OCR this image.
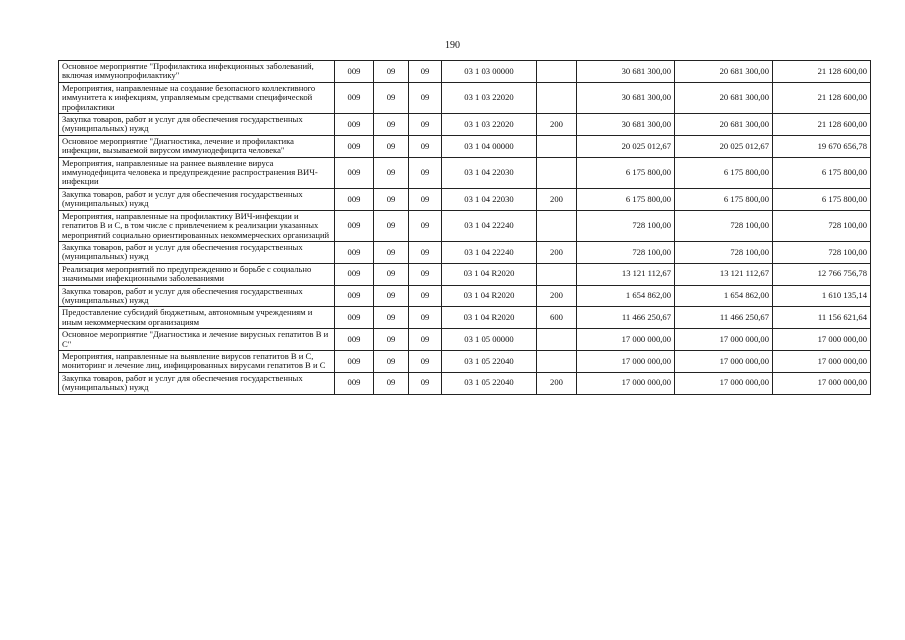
190
Основное мероприятие "Профилактика инфекционных заболеваний, включая иммунопрофилактику"	009	09	09	03 1 03 00000		30 681 300,00	20 681 300,00	21 128 600,00
Мероприятия, направленные на создание безопасного коллективного иммунитета к инфекциям, управляемым средствами специфической профилактики	009	09	09	03 1 03 22020		30 681 300,00	20 681 300,00	21 128 600,00
Закупка товаров, работ и услуг для обеспечения государственных (муниципальных) нужд	009	09	09	03 1 03 22020	200	30 681 300,00	20 681 300,00	21 128 600,00
Основное мероприятие "Диагностика, лечение и профилактика инфекции, вызываемой вирусом иммунодефицита человека"	009	09	09	03 1 04 00000		20 025 012,67	20 025 012,67	19 670 656,78
Мероприятия, направленные на раннее выявление вируса иммунодефицита человека и предупреждение распространения ВИЧ-инфекции	009	09	09	03 1 04 22030		6 175 800,00	6 175 800,00	6 175 800,00
Закупка товаров, работ и услуг для обеспечения государственных (муниципальных) нужд	009	09	09	03 1 04 22030	200	6 175 800,00	6 175 800,00	6 175 800,00
Мероприятия, направленные на профилактику ВИЧ-инфекции и гепатитов В и С, в том числе с привлечением к реализации указанных мероприятий социально ориентированных некоммерческих организаций	009	09	09	03 1 04 22240		728 100,00	728 100,00	728 100,00
Закупка товаров, работ и услуг для обеспечения государственных (муниципальных) нужд	009	09	09	03 1 04 22240	200	728 100,00	728 100,00	728 100,00
Реализация мероприятий по предупреждению и борьбе с социально значимыми инфекционными заболеваниями	009	09	09	03 1 04 R2020		13 121 112,67	13 121 112,67	12 766 756,78
Закупка товаров, работ и услуг для обеспечения государственных (муниципальных) нужд	009	09	09	03 1 04 R2020	200	1 654 862,00	1 654 862,00	1 610 135,14
Предоставление субсидий бюджетным, автономным учреждениям и иным некоммерческим организациям	009	09	09	03 1 04 R2020	600	11 466 250,67	11 466 250,67	11 156 621,64
Основное мероприятие "Диагностика и лечение вирусных гепатитов В и С"	009	09	09	03 1 05 00000		17 000 000,00	17 000 000,00	17 000 000,00
Мероприятия, направленные на выявление вирусов гепатитов В и С, мониторинг и лечение лиц, инфицированных вирусами гепатитов В и С	009	09	09	03 1 05 22040		17 000 000,00	17 000 000,00	17 000 000,00
Закупка товаров, работ и услуг для обеспечения государственных (муниципальных) нужд	009	09	09	03 1 05 22040	200	17 000 000,00	17 000 000,00	17 000 000,00
